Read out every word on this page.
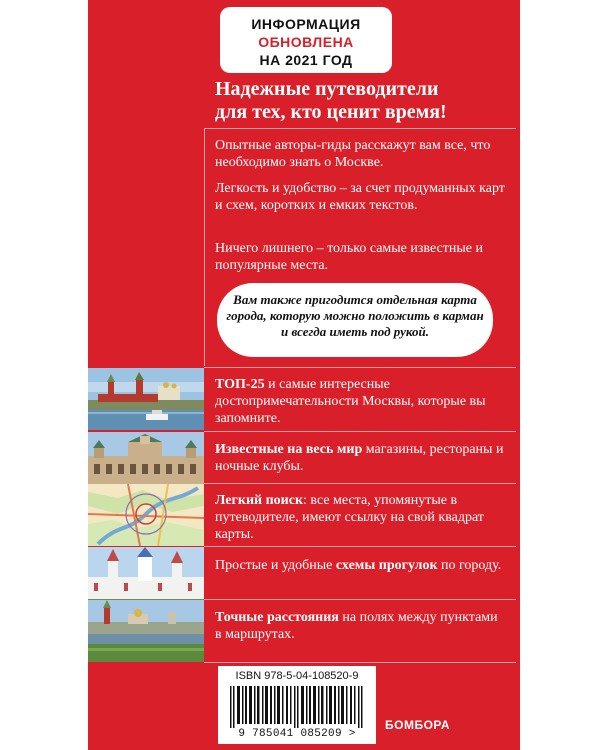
ИНФОРМАЦИЯ
ОБНОВЛЕНА
НА 2021 ГОД
Надежные путеводители
для тех, кто ценит время!

Опытные авторы-гиды расскажут вам все, что необходимо знать о Москве.

Легкость и удобство – за счет продуманных карт и схем, коротких и емких текстов.

Ничего лишнего – только самые известные и популярные места.

Вам также пригодится отдельная карта города, которую можно положить в карман и всегда иметь под рукой.

ТОП-25 и самые интересные достопримечательности Москвы, которые вы запомните.

Известные на весь мир магазины, рестораны и ночные клубы.

Легкий поиск: все места, упомянутые в путеводителе, имеют ссылку на свой квадрат карты.

Простые и удобные схемы прогулок по городу.

Точные расстояния на полях между пунктами в маршрутах.

ISBN 978-5-04-108520-9
9 785041 085209 >
БОМБОРА
